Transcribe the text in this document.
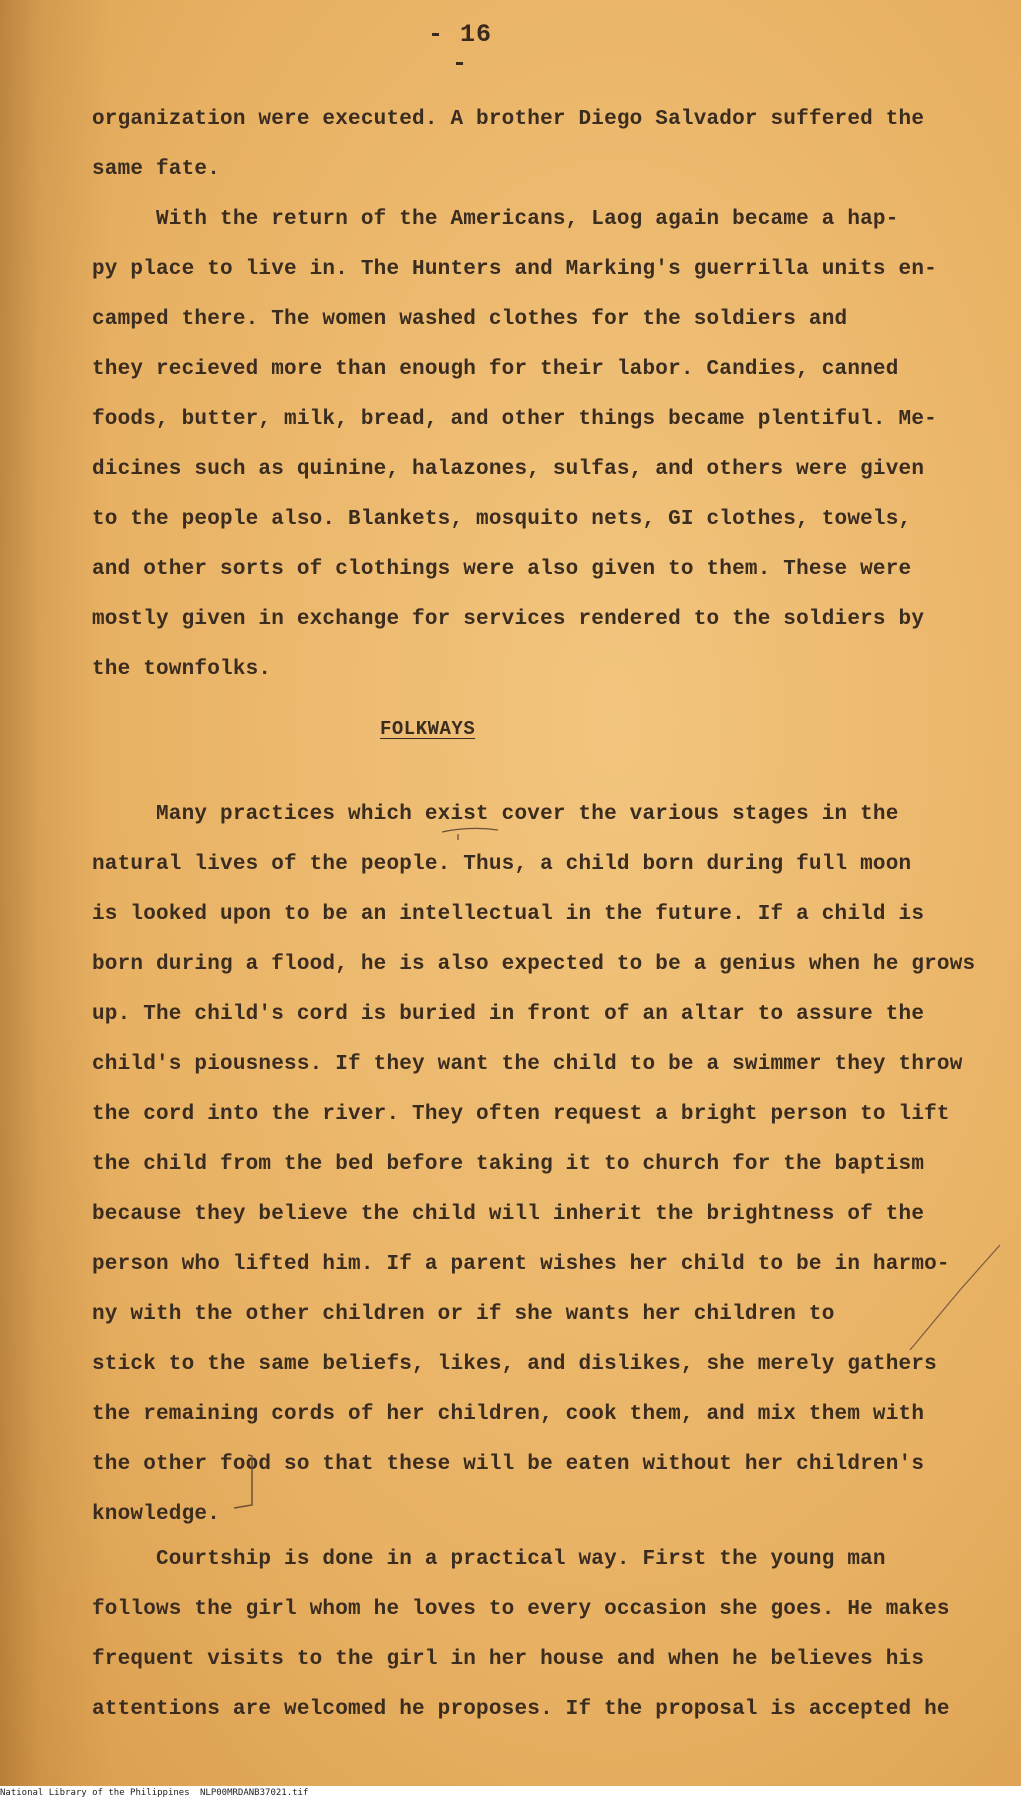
- 16 -
organization were executed. A brother Diego Salvador suffered the
same fate.
With the return of the Americans, Laog again became a hap-
py place to live in. The Hunters and Marking's guerrilla units en-
camped there. The women washed clothes for the soldiers and
they recieved more than enough for their labor. Candies, canned
foods, butter, milk, bread, and other things became plentiful. Me-
dicines such as quinine, halazones, sulfas, and others were given
to the people also. Blankets, mosquito nets, GI clothes, towels,
and other sorts of clothings were also given to them. These were
mostly given in exchange for services rendered to the soldiers by
the townfolks.
FOLKWAYS
Many practices which exist cover the various stages in the
natural lives of the people. Thus, a child born during full moon
is looked upon to be an intellectual in the future. If a child is
born during a flood, he is also expected to be a genius when he grows
up. The child's cord is buried in front of an altar to assure the
child's piousness. If they want the child to be a swimmer they throw
the cord into the river. They often request a bright person to lift
the child from the bed before taking it to church for the baptism
because they believe the child will inherit the brightness of the
person who lifted him. If a parent wishes her child to be in harmo-
ny with the other children or if she wants her children to
stick to the same beliefs, likes, and dislikes, she merely gathers
the remaining cords of her children, cook them, and mix them with
the other food so that these will be eaten without her children's
knowledge.
Courtship is done in a practical way. First the young man
follows the girl whom he loves to every occasion she goes. He makes
frequent visits to the girl in her house and when he believes his
attentions are welcomed he proposes. If the proposal is accepted he
National Library of the Philippines NLP00MRDANB37021.tif
